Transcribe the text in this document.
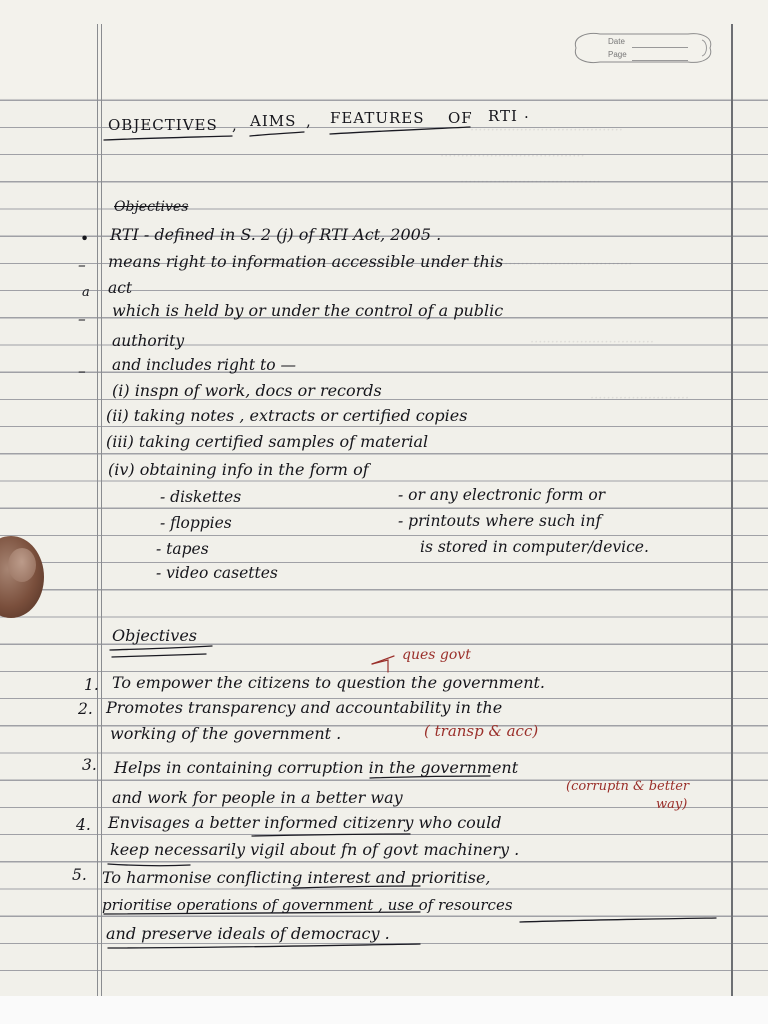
·····································
···································
··································
································
······························
························
Date
Page
OBJECTIVES , AIMS , FEATURES OF RTI .
Objectives
•
–
a
–
–
RTI - defined in S. 2 (j) of RTI Act, 2005 .
means right to information accessible under this
act
which is held by or under the control of a public
authority
and includes right to —
(i) inspn of work, docs or records
(ii) taking notes , extracts or certified copies
(iii) taking certified samples of material
(iv) obtaining info in the form of
- diskettes
- floppies
- tapes
- video casettes
- or any electronic form or
- printouts where such inf
is stored in computer/device.
Objectives
ques govt
1.
2.
3.
4.
5.
To empower the citizens to question the government.
Promotes transparency and accountability in the
working of the government .	( transp & acc)
Helps in containing corruption in the government
and work for people in a better way
(corruptn & better
way)
Envisages a better informed citizenry who could
keep necessarily vigil about fn of govt machinery .
To harmonise conflicting interest and prioritise,
prioritise operations of government , use of resources
and preserve ideals of democracy .
